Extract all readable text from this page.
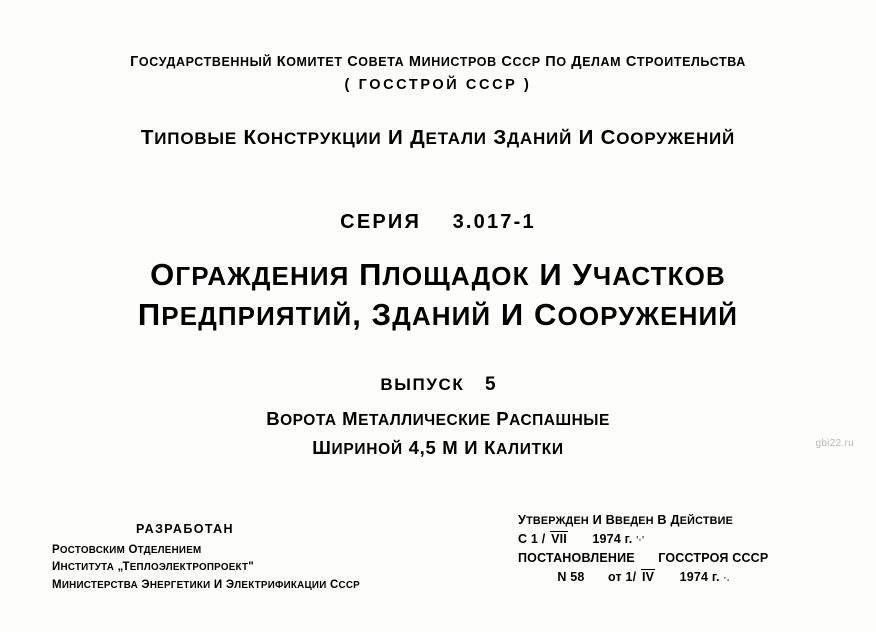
ГОСУДАРСТВЕННЫЙ КОМИТЕТ СОВЕТА МИНИСТРОВ СССР ПО ДЕЛАМ СТРОИТЕЛЬСТВА
( ГОССТРОЙ СССР )
ТИПОВЫЕ КОНСТРУКЦИИ И ДЕТАЛИ ЗДАНИЙ И СООРУЖЕНИЙ
СЕРИЯ 3.017-1
ОГРАЖДЕНИЯ ПЛОЩАДОК И УЧАСТКОВ
ПРЕДПРИЯТИЙ, ЗДАНИЙ И СООРУЖЕНИЙ
ВЫПУСК 5
ВОРОТА МЕТАЛЛИЧЕСКИЕ РАСПАШНЫЕ
ШИРИНОЙ 4,5 М И КАЛИТКИ	gbi22.ru
РАЗРАБОТАН
РОСТОВСКИМ ОТДЕЛЕНИЕМ
ИНСТИТУТА „ТЕПЛОЭЛЕКТРОПРОЕКТ"
МИНИСТЕРСТВА ЭНЕРГЕТИКИ И ЭЛЕКТРИФИКАЦИИ СССР
УТВЕРЖДЕН И ВВЕДЕН В ДЕЙСТВИЕ
С 1 / VII 1974 г. '·'
ПОСТАНОВЛЕНИЕ ГОССТРОЯ СССР
N 58 от 1/ IV 1974 г. ·.
